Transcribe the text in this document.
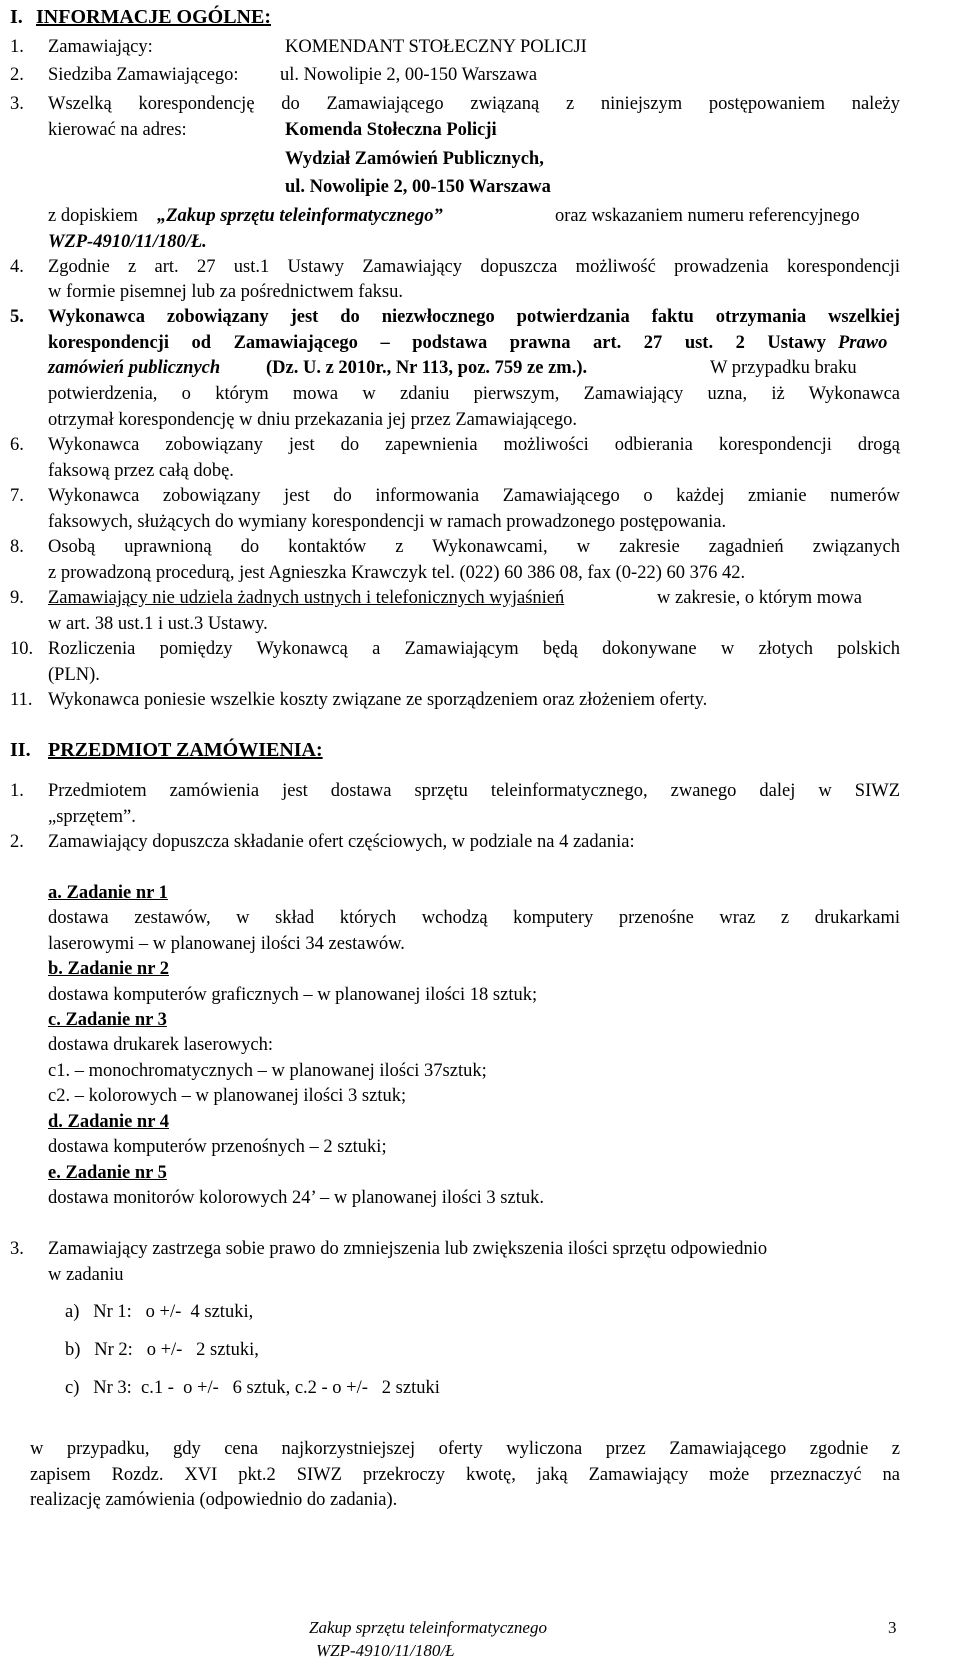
I. INFORMACJE OGÓLNE:
1. Zamawiający:	KOMENDANT STOŁECZNY POLICJI
2. Siedziba Zamawiającego: ul. Nowolipie 2, 00-150 Warszawa
3. Wszelką korespondencję do Zamawiającego związaną z niniejszym postępowaniem należy
kierować na adres:	Komenda Stołeczna Policji
Wydział Zamówień Publicznych,
ul. Nowolipie 2, 00-150 Warszawa
z dopiskiem „Zakup sprzętu teleinformatycznego”	oraz wskazaniem numeru referencyjnego
WZP-4910/11/180/Ł.
4. Zgodnie z art. 27 ust.1 Ustawy Zamawiający dopuszcza możliwość prowadzenia korespondencji
w formie pisemnej lub za pośrednictwem faksu.
5. Wykonawca zobowiązany jest do niezwłocznego potwierdzania faktu otrzymania wszelkiej
korespondencji od Zamawiającego – podstawa prawna art. 27 ust. 2 Ustawy Prawo
zamówień publicznych (Dz. U. z 2010r., Nr 113, poz. 759 ze zm.).	W przypadku braku
potwierdzenia, o którym mowa w zdaniu pierwszym, Zamawiający uzna, iż Wykonawca
otrzymał korespondencję w dniu przekazania jej przez Zamawiającego.
6. Wykonawca zobowiązany jest do zapewnienia możliwości odbierania korespondencji drogą
faksową przez całą dobę.
7. Wykonawca zobowiązany jest do informowania Zamawiającego o każdej zmianie numerów
faksowych, służących do wymiany korespondencji w ramach prowadzonego postępowania.
8. Osobą uprawnioną do kontaktów z Wykonawcami, w zakresie zagadnień związanych
z prowadzoną procedurą, jest Agnieszka Krawczyk tel. (022) 60 386 08, fax (0-22) 60 376 42.
9. Zamawiający nie udziela żadnych ustnych i telefonicznych wyjaśnień	w zakresie, o którym mowa
w art. 38 ust.1 i ust.3 Ustawy.
10. Rozliczenia pomiędzy Wykonawcą a Zamawiającym będą dokonywane w złotych polskich
(PLN).
11. Wykonawca poniesie wszelkie koszty związane ze sporządzeniem oraz złożeniem oferty.
II. PRZEDMIOT ZAMÓWIENIA:
1. Przedmiotem zamówienia jest dostawa sprzętu teleinformatycznego, zwanego dalej w SIWZ
„sprzętem”.
2. Zamawiający dopuszcza składanie ofert częściowych, w podziale na 4 zadania:
a. Zadanie nr 1
dostawa zestawów, w skład których wchodzą komputery przenośne wraz z drukarkami
laserowymi – w planowanej ilości 34 zestawów.
b. Zadanie nr 2
dostawa komputerów graficznych – w planowanej ilości 18 sztuk;
c. Zadanie nr 3
dostawa drukarek laserowych:
c1. – monochromatycznych – w planowanej ilości 37sztuk;
c2. – kolorowych – w planowanej ilości 3 sztuk;
d. Zadanie nr 4
dostawa komputerów przenośnych – 2 sztuki;
e. Zadanie nr 5
dostawa monitorów kolorowych 24’ – w planowanej ilości 3 sztuk.
3. Zamawiający zastrzega sobie prawo do zmniejszenia lub zwiększenia ilości sprzętu odpowiednio
w zadaniu
a)   Nr 1:   o +/-  4 sztuki,
b)   Nr 2:   o +/-   2 sztuki,
c)   Nr 3:  c.1 -  o +/-   6 sztuk, c.2 - o +/-   2 sztuki
w przypadku, gdy cena najkorzystniejszej oferty wyliczona przez Zamawiającego zgodnie z
zapisem Rozdz. XVI pkt.2 SIWZ przekroczy kwotę, jaką Zamawiający może przeznaczyć na
realizację zamówienia (odpowiednio do zadania).
Zakup sprzętu teleinformatycznego
WZP-4910/11/180/Ł
3
